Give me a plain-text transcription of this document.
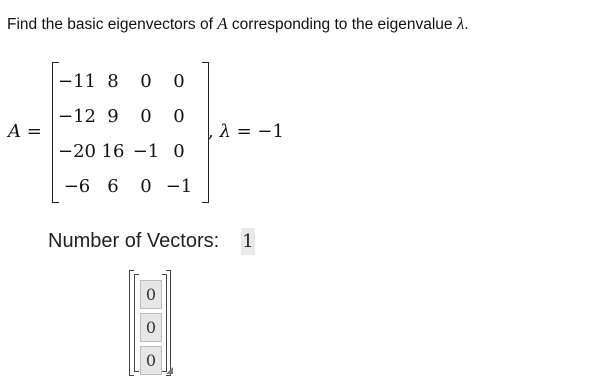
Find the basic eigenvectors of A corresponding to the eigenvalue λ.
A =
−11	8	0	0
−12	9	0	0
−20	16	−1	0
−6	6	0	−1
, λ = −1
Number of Vectors: 1
0
0
0
